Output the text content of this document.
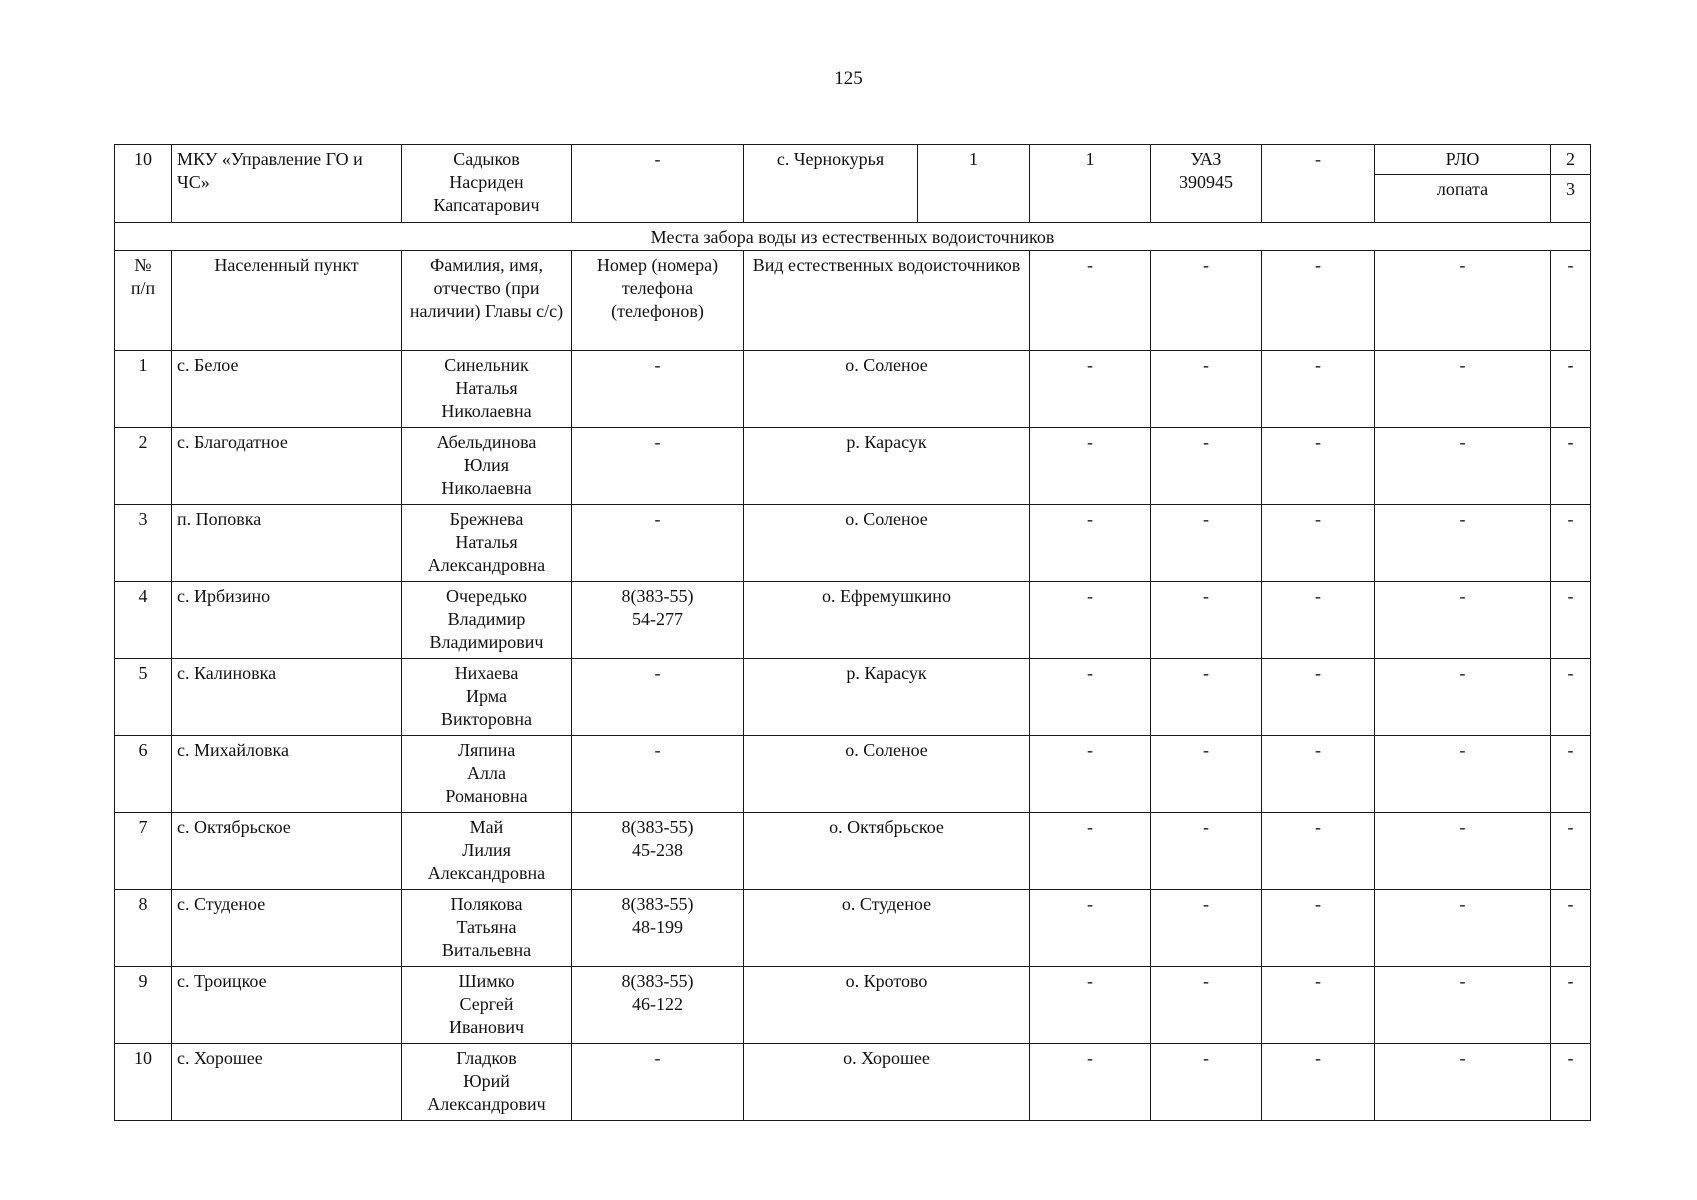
125
10	МКУ «Управление ГО и ЧС»	Садыков
Насриден
Капсатарович	-	с. Чернокурья	1	1	УАЗ
390945	-	РЛО	2
									лопата	3
Места забора воды из естественных водоисточников										
№
п/п	Населенный пункт	Фамилия, имя, отчество (при наличии) Главы с/с)	Номер (номера) телефона (телефонов)	Вид естественных водоисточников		-	-	-	-	-
1	с. Белое	Синельник
Наталья
Николаевна	-	о. Соленое		-	-	-	-	-
2	с. Благодатное	Абельдинова
Юлия
Николаевна	-	р. Карасук		-	-	-	-	-
3	п. Поповка	Брежнева
Наталья
Александровна	-	о. Соленое		-	-	-	-	-
4	с. Ирбизино	Очередько
Владимир
Владимирович	8(383-55)
54-277	о. Ефремушкино		-	-	-	-	-
5	с. Калиновка	Нихаева
Ирма
Викторовна	-	р. Карасук		-	-	-	-	-
6	с. Михайловка	Ляпина
Алла
Романовна	-	о. Соленое		-	-	-	-	-
7	с. Октябрьское	Май
Лилия
Александровна	8(383-55)
45-238	о. Октябрьское		-	-	-	-	-
8	с. Студеное	Полякова
Татьяна
Витальевна	8(383-55)
48-199	о. Студеное		-	-	-	-	-
9	с. Троицкое	Шимко
Сергей
Иванович	8(383-55)
46-122	о. Кротово		-	-	-	-	-
10	с. Хорошее	Гладков
Юрий
Александрович	-	о. Хорошее		-	-	-	-	-
